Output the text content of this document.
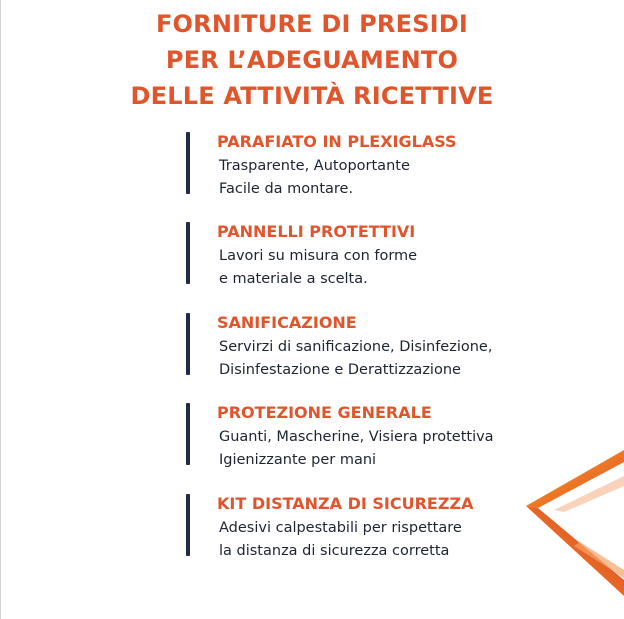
FORNITURE DI PRESIDI
PER L’ADEGUAMENTO
DELLE ATTIVITÀ RICETTIVE
PARAFIATO IN PLEXIGLASS
Trasparente, Autoportante
Facile da montare.
PANNELLI PROTETTIVI
Lavori su misura con forme
e materiale a scelta.
SANIFICAZIONE
Servirzi di sanificazione, Disinfezione,
Disinfestazione e Derattizzazione
PROTEZIONE GENERALE
Guanti, Mascherine, Visiera protettiva
Igienizzante per mani
KIT DISTANZA DI SICUREZZA
Adesivi calpestabili per rispettare
la distanza di sicurezza corretta
